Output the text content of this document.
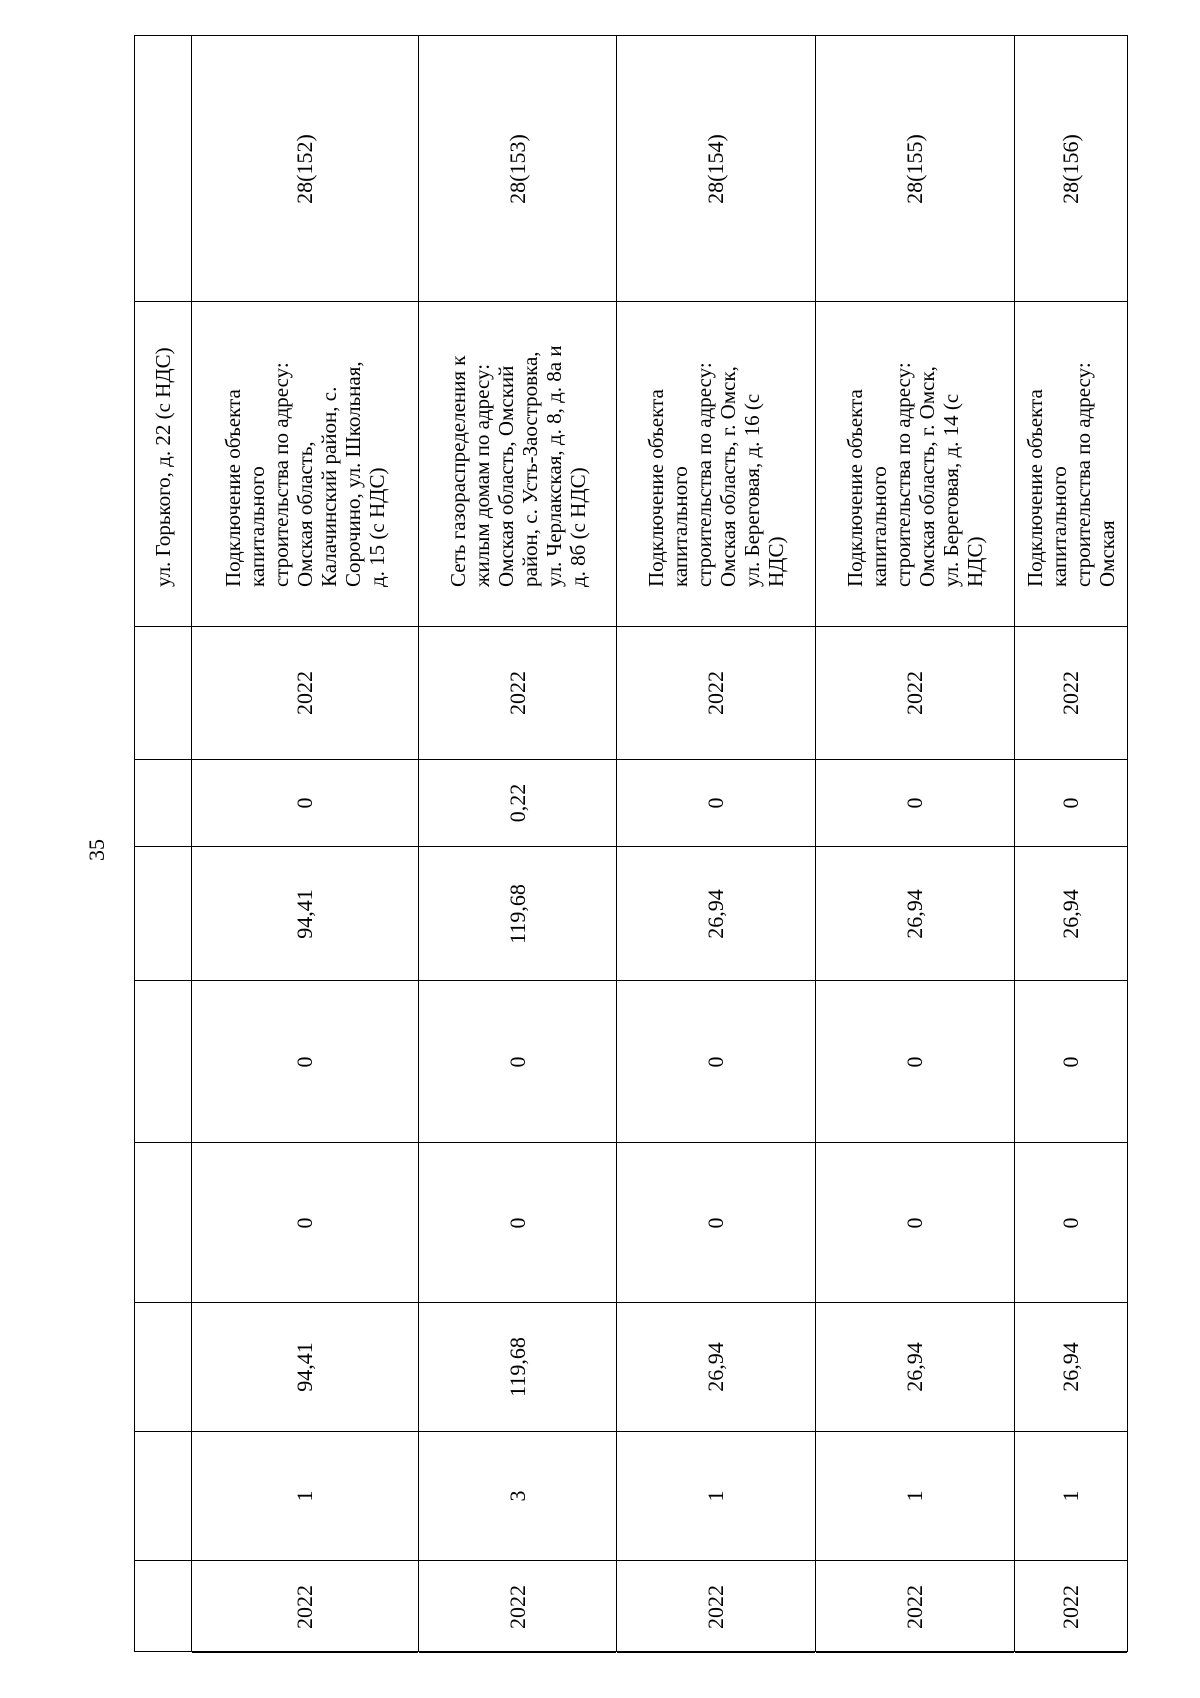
35
ул. Горького, д. 22 (с НДС)
28(152)
Подключение объекта капитального строительства по адресу: Омская область, Калачинский район, с. Сорочино, ул. Школьная, д. 15 (с НДС)
2022
0
94,41
0
0
94,41
1
2022
28(153)
Сеть газораспределения к жилым домам по адресу: Омская область, Омский район, с. Усть-Заостровка, ул. Черлакская, д. 8, д. 8а и д. 8б (с НДС)
2022
0,22
119,68
0
0
119,68
3
2022
28(154)
Подключение объекта капитального строительства по адресу: Омская область, г. Омск, ул. Береговая, д. 16 (с НДС)
2022
0
26,94
0
0
26,94
1
2022
28(155)
Подключение объекта капитального строительства по адресу: Омская область, г. Омск, ул. Береговая, д. 14 (с НДС)
2022
0
26,94
0
0
26,94
1
2022
28(156)
Подключение объекта капитального строительства по адресу: Омская
2022
0
26,94
0
0
26,94
1
2022
